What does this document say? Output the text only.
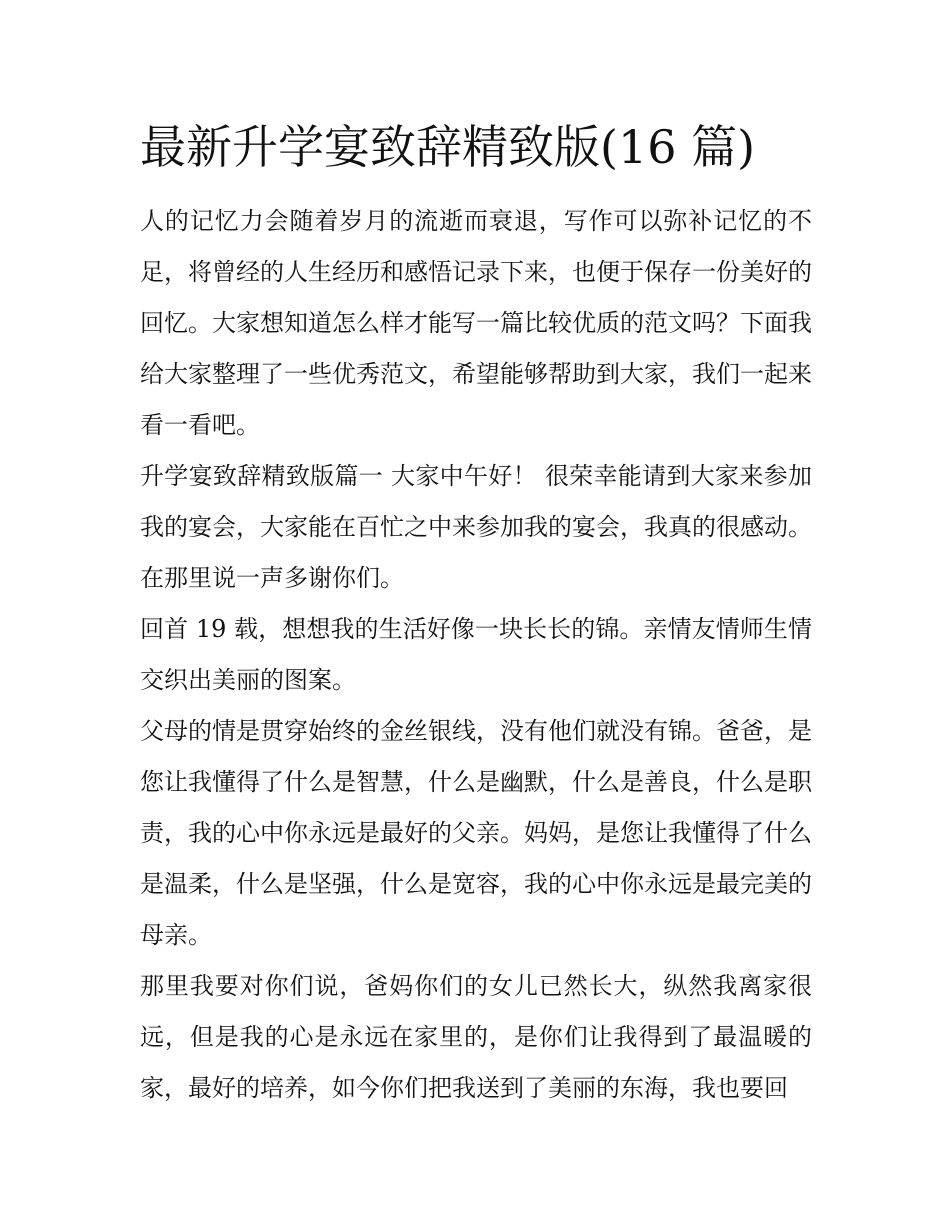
最新升学宴致辞精致版(16 篇)

人的记忆力会随着岁月的流逝而衰退，写作可以弥补记忆的不足，将曾经的人生经历和感悟记录下来，也便于保存一份美好的回忆。大家想知道怎么样才能写一篇比较优质的范文吗？下面我给大家整理了一些优秀范文，希望能够帮助到大家，我们一起来看一看吧。

升学宴致辞精致版篇一 大家中午好！ 很荣幸能请到大家来参加我的宴会，大家能在百忙之中来参加我的宴会，我真的很感动。在那里说一声多谢你们。

回首 19 载，想想我的生活好像一块长长的锦。亲情友情师生情交织出美丽的图案。

父母的情是贯穿始终的金丝银线，没有他们就没有锦。爸爸，是您让我懂得了什么是智慧，什么是幽默，什么是善良，什么是职责，我的心中你永远是最好的父亲。妈妈，是您让我懂得了什么是温柔，什么是坚强，什么是宽容，我的心中你永远是最完美的母亲。

那里我要对你们说，爸妈你们的女儿已然长大，纵然我离家很远，但是我的心是永远在家里的，是你们让我得到了最温暖的家，最好的培养，如今你们把我送到了美丽的东海，我也要回
